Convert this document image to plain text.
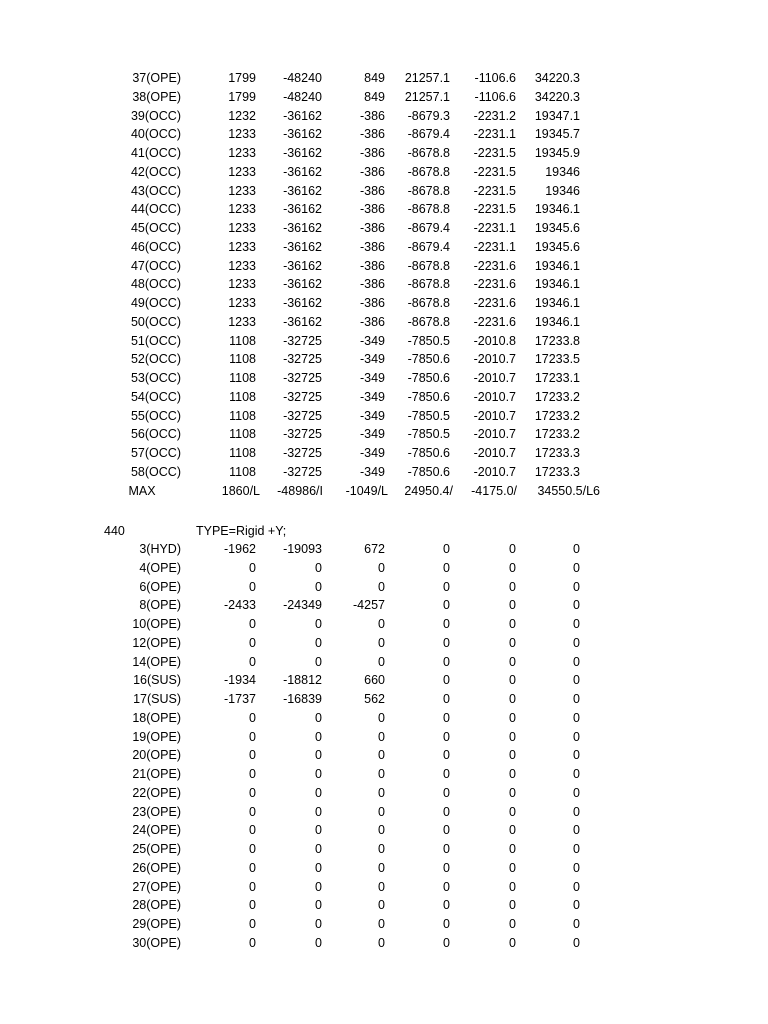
37(OPE)	1799	-48240	849	21257.1	-1106.6	34220.3
38(OPE)	1799	-48240	849	21257.1	-1106.6	34220.3
39(OCC)	1232	-36162	-386	-8679.3	-2231.2	19347.1
40(OCC)	1233	-36162	-386	-8679.4	-2231.1	19345.7
41(OCC)	1233	-36162	-386	-8678.8	-2231.5	19345.9
42(OCC)	1233	-36162	-386	-8678.8	-2231.5	19346
43(OCC)	1233	-36162	-386	-8678.8	-2231.5	19346
44(OCC)	1233	-36162	-386	-8678.8	-2231.5	19346.1
45(OCC)	1233	-36162	-386	-8679.4	-2231.1	19345.6
46(OCC)	1233	-36162	-386	-8679.4	-2231.1	19345.6
47(OCC)	1233	-36162	-386	-8678.8	-2231.6	19346.1
48(OCC)	1233	-36162	-386	-8678.8	-2231.6	19346.1
49(OCC)	1233	-36162	-386	-8678.8	-2231.6	19346.1
50(OCC)	1233	-36162	-386	-8678.8	-2231.6	19346.1
51(OCC)	1108	-32725	-349	-7850.5	-2010.8	17233.8
52(OCC)	1108	-32725	-349	-7850.6	-2010.7	17233.5
53(OCC)	1108	-32725	-349	-7850.6	-2010.7	17233.1
54(OCC)	1108	-32725	-349	-7850.6	-2010.7	17233.2
55(OCC)	1108	-32725	-349	-7850.5	-2010.7	17233.2
56(OCC)	1108	-32725	-349	-7850.5	-2010.7	17233.2
57(OCC)	1108	-32725	-349	-7850.6	-2010.7	17233.3
58(OCC)	1108	-32725	-349	-7850.6	-2010.7	17233.3
MAX	1860/L	-48986/I	-1049/L	24950.4/	-4175.0/	34550.5/L6
440	TYPE=Rigid +Y;
3(HYD)	-1962	-19093	672	0	0	0
4(OPE)	0	0	0	0	0	0
6(OPE)	0	0	0	0	0	0
8(OPE)	-2433	-24349	-4257	0	0	0
10(OPE)	0	0	0	0	0	0
12(OPE)	0	0	0	0	0	0
14(OPE)	0	0	0	0	0	0
16(SUS)	-1934	-18812	660	0	0	0
17(SUS)	-1737	-16839	562	0	0	0
18(OPE)	0	0	0	0	0	0
19(OPE)	0	0	0	0	0	0
20(OPE)	0	0	0	0	0	0
21(OPE)	0	0	0	0	0	0
22(OPE)	0	0	0	0	0	0
23(OPE)	0	0	0	0	0	0
24(OPE)	0	0	0	0	0	0
25(OPE)	0	0	0	0	0	0
26(OPE)	0	0	0	0	0	0
27(OPE)	0	0	0	0	0	0
28(OPE)	0	0	0	0	0	0
29(OPE)	0	0	0	0	0	0
30(OPE)	0	0	0	0	0	0
